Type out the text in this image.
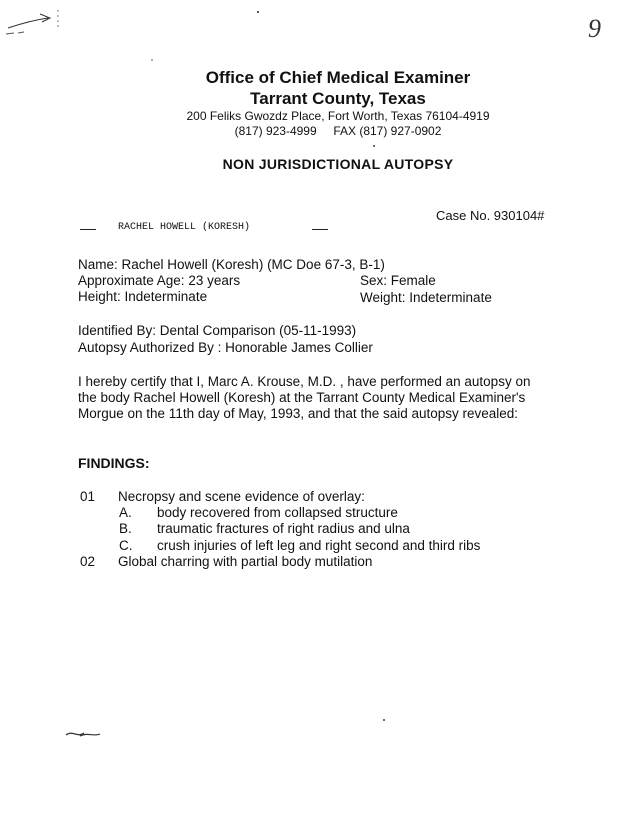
9
Office of Chief Medical Examiner
Tarrant County, Texas
200 Feliks Gwozdz Place, Fort Worth, Texas 76104-4919
(817) 923-4999     FAX (817) 927-0902
NON JURISDICTIONAL AUTOPSY
Case No. 930104#
RACHEL HOWELL (KORESH)
Name: Rachel Howell (Koresh) (MC Doe 67-3, B-1)
Approximate Age: 23 years	Sex: Female
Height: Indeterminate	Weight: Indeterminate
Identified By: Dental Comparison (05-11-1993)
Autopsy Authorized By : Honorable James Collier
I hereby certify that I, Marc A. Krouse, M.D. , have performed an autopsy on
the body Rachel Howell (Koresh) at the Tarrant County Medical Examiner's
Morgue on the 11th day of May, 1993, and that the said autopsy revealed:
FINDINGS:
01 Necropsy and scene evidence of overlay:
A. body recovered from collapsed structure
B. traumatic fractures of right radius and ulna
C. crush injuries of left leg and right second and third ribs
02 Global charring with partial body mutilation
